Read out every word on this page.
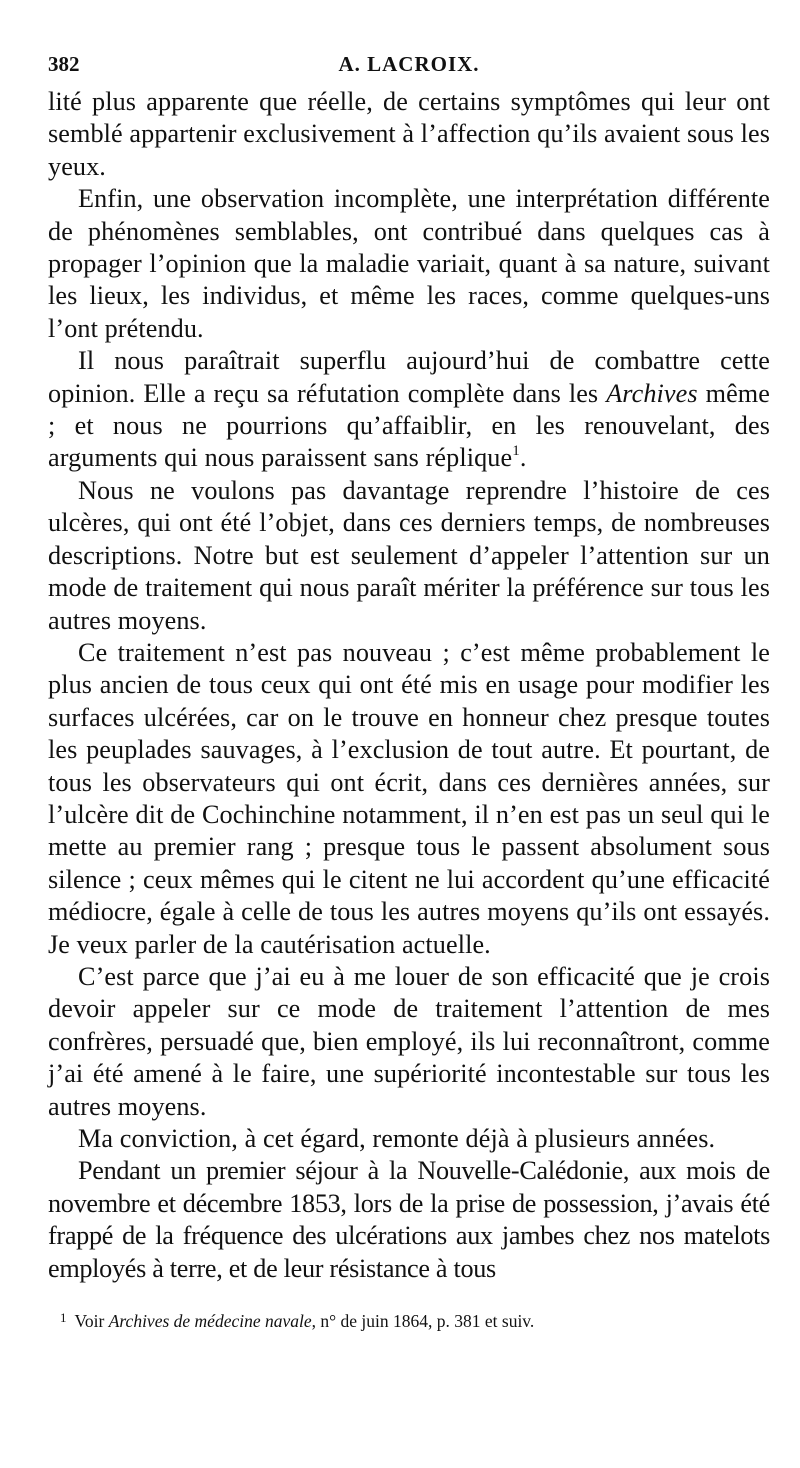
382	A. LACROIX.

lité plus apparente que réelle, de certains symptômes qui leur ont semblé appartenir exclusivement à l’affection qu’ils avaient sous les yeux.

Enfin, une observation incomplète, une interprétation différente de phénomènes semblables, ont contribué dans quelques cas à propager l’opinion que la maladie variait, quant à sa nature, suivant les lieux, les individus, et même les races, comme quelques-uns l’ont prétendu.

Il nous paraîtrait superflu aujourd’hui de combattre cette opinion. Elle a reçu sa réfutation complète dans les Archives même ; et nous ne pourrions qu’affaiblir, en les renouvelant, des arguments qui nous paraissent sans réplique$^1$.

Nous ne voulons pas davantage reprendre l’histoire de ces ulcères, qui ont été l’objet, dans ces derniers temps, de nombreuses descriptions. Notre but est seulement d’appeler l’attention sur un mode de traitement qui nous paraît mériter la préférence sur tous les autres moyens.

Ce traitement n’est pas nouveau ; c’est même probablement le plus ancien de tous ceux qui ont été mis en usage pour modifier les surfaces ulcérées, car on le trouve en honneur chez presque toutes les peuplades sauvages, à l’exclusion de tout autre. Et pourtant, de tous les observateurs qui ont écrit, dans ces dernières années, sur l’ulcère dit de Cochinchine notamment, il n’en est pas un seul qui le mette au premier rang ; presque tous le passent absolument sous silence ; ceux mêmes qui le citent ne lui accordent qu’une efficacité médiocre, égale à celle de tous les autres moyens qu’ils ont essayés. Je veux parler de la cautérisation actuelle.

C’est parce que j’ai eu à me louer de son efficacité que je crois devoir appeler sur ce mode de traitement l’attention de mes confrères, persuadé que, bien employé, ils lui reconnaîtront, comme j’ai été amené à le faire, une supériorité incontestable sur tous les autres moyens.

Ma conviction, à cet égard, remonte déjà à plusieurs années.

Pendant un premier séjour à la Nouvelle-Calédonie, aux mois de novembre et décembre 1853, lors de la prise de possession, j’avais été frappé de la fréquence des ulcérations aux jambes chez nos matelots employés à terre, et de leur résistance à tous

$^1$ Voir Archives de médecine navale, n° de juin 1864, p. 381 et suiv.
